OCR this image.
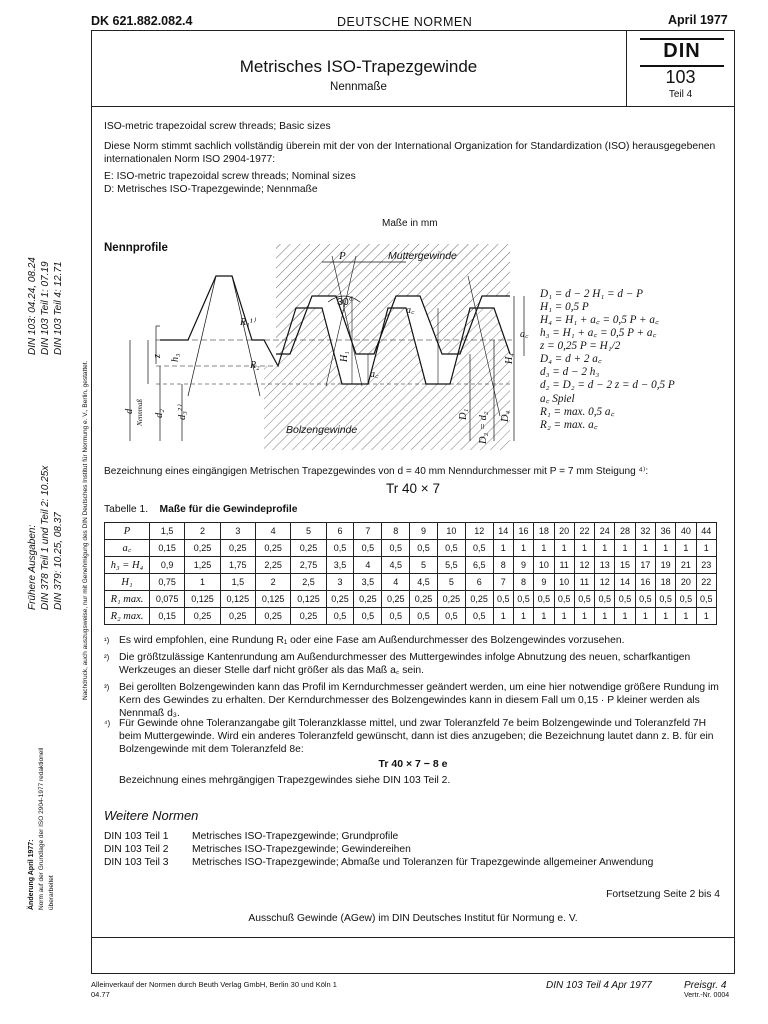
DK 621.882.082.4	DEUTSCHE NORMEN	April 1977
Metrisches ISO-Trapezgewinde
Nennmaße
DIN
103
Teil 4
ISO-metric trapezoidal screw threads; Basic sizes
Diese Norm stimmt sachlich vollständig überein mit der von der International Organization for Standardization (ISO) herausgegebenen internationalen Norm ISO 2904-1977:
E: ISO-metric trapezoidal screw threads; Nominal sizes
D: Metrisches ISO-Trapezgewinde; Nennmaße
Maße in mm
Nennprofile
P	Muttergewinde
30°
R₁¹⁾
R₂
Bolzengewinde
a꜀
a꜀
a꜀
z h₃	H₁	H₄
d Nennmaß d₂ d₃²⁾	D₁ D₂ = d₂ D₄
D₁ = d − 2 H₁ = d − P
H₁ = 0,5 P
H₄ = H₁ + a꜀ = 0,5 P + a꜀
h₃ = H₁ + a꜀ = 0,5 P + a꜀
z = 0,25 P = H₁/2
D₄ = d + 2 a꜀
d₃ = d − 2 h₃
d₂ = D₂ = d − 2 z = d − 0,5 P
a꜀ Spiel
R₁ = max. 0,5 a꜀
R₂ = max. a꜀
Bezeichnung eines eingängigen Metrischen Trapezgewindes von d = 40 mm Nenndurchmesser mit P = 7 mm Steigung ⁴⁾:
Tr 40 × 7
Tabelle 1. Maße für die Gewindeprofile
P	1,5	2	3	4	5	6	7	8	9	10	12	14	16	18	20	22	24	28	32	36	40	44
a꜀	0,15	0,25	0,25	0,25	0,25	0,5	0,5	0,5	0,5	0,5	0,5	1	1	1	1	1	1	1	1	1	1	1
h₃ = H₄	0,9	1,25	1,75	2,25	2,75	3,5	4	4,5	5	5,5	6,5	8	9	10	11	12	13	15	17	19	21	23
H₁	0,75	1	1,5	2	2,5	3	3,5	4	4,5	5	6	7	8	9	10	11	12	14	16	18	20	22
R₁ max.	0,075	0,125	0,125	0,125	0,125	0,25	0,25	0,25	0,25	0,25	0,25	0,5	0,5	0,5	0,5	0,5	0,5	0,5	0,5	0,5	0,5	0,5
R₂ max.	0,15	0,25	0,25	0,25	0,25	0,5	0,5	0,5	0,5	0,5	0,5	1	1	1	1	1	1	1	1	1	1	1
¹) Es wird empfohlen, eine Rundung R₁ oder eine Fase am Außendurchmesser des Bolzengewindes vorzusehen.
²) Die größtzulässige Kantenrundung am Außendurchmesser des Muttergewindes infolge Abnutzung des neuen, scharfkantigen Werkzeuges an dieser Stelle darf nicht größer als das Maß a꜀ sein.
³) Bei gerollten Bolzengewinden kann das Profil im Kerndurchmesser geändert werden, um eine hier notwendige größere Rundung im Kern des Gewindes zu erhalten. Der Kerndurchmesser des Bolzengewindes kann in diesem Fall um 0,15 · P kleiner werden als Nennmaß d₃.
⁴) Für Gewinde ohne Toleranzangabe gilt Toleranzklasse mittel, und zwar Toleranzfeld 7e beim Bolzengewinde und Toleranzfeld 7H beim Muttergewinde. Wird ein anderes Toleranzfeld gewünscht, dann ist dies anzugeben; die Bezeichnung lautet dann z. B. für ein Bolzengewinde mit dem Toleranzfeld 8e:
Tr 40 × 7 − 8 e
Bezeichnung eines mehrgängigen Trapezgewindes siehe DIN 103 Teil 2.
Weitere Normen
DIN 103 Teil 1 Metrisches ISO-Trapezgewinde; Grundprofile
DIN 103 Teil 2 Metrisches ISO-Trapezgewinde; Gewindereihen
DIN 103 Teil 3 Metrisches ISO-Trapezgewinde; Abmaße und Toleranzen für Trapezgewinde allgemeiner Anwendung
Fortsetzung Seite 2 bis 4
Ausschuß Gewinde (AGew) im DIN Deutsches Institut für Normung e. V.
Alleinverkauf der Normen durch Beuth Verlag GmbH, Berlin 30 und Köln 1
04.77
DIN 103 Teil 4 Apr 1977	Preisgr. 4
Vertr.-Nr. 0004
DIN 103: 04.24, 08.24 DIN 103 Teil 1: 07.19 DIN 103 Teil 4: 12.71
Frühere Ausgaben: DIN 378 Teil 1 und Teil 2: 10.25x DIN 379: 10.25, 08.37	Nachdruck, auch auszugsweise, nur mit Genehmigung des DIN Deutsches Institut für Normung e. V., Berlin, gestattet.
Änderung April 1977: Norm auf der Grundlage der ISO 2904-1977 redaktionell überarbeitet
